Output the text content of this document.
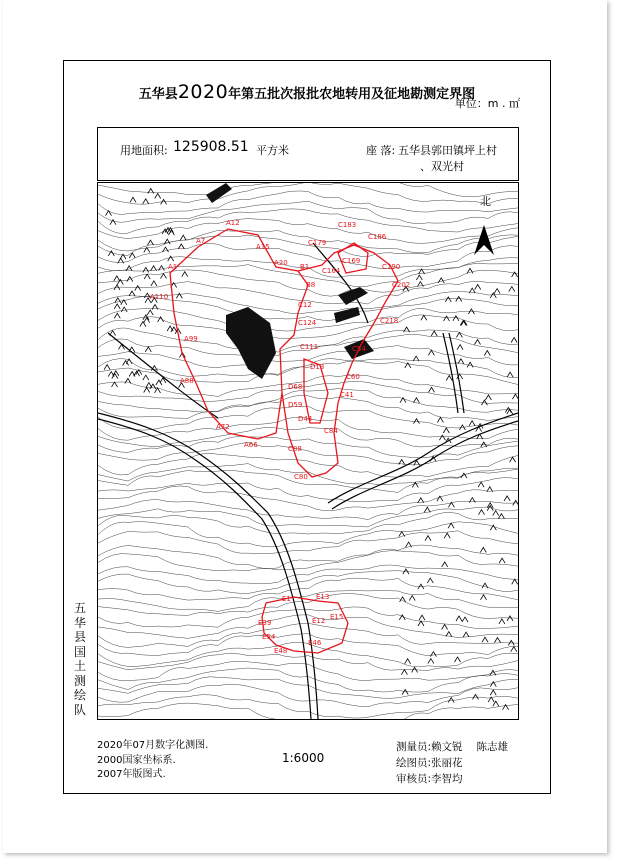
五华县2020年第五批次报批农地转用及征地勘测定界图
单位：m . ㎡
用地面积: 125908.51 平方米	座 落: 五华县郭田镇坪上村
、双光村
A1
A7
A12
A15
A20 B1
B8
C179
C183
C186
C169
C164	C190
C202
C12
C218
C124
C111
D13
D68
D59
D44
C80
C88
C84
C41
C60
C54
A110
A99
A88
A72
A66
E1	E13
E15
E12
E39
E46
E48
E54
北
五
华
县
国
土
测
绘
队
2020年07月数字化测图.
2000国家坐标系.
2007年版图式.
1:6000
测量员:赖文锐 陈志雄
绘图员:张丽花
审核员:李智均
